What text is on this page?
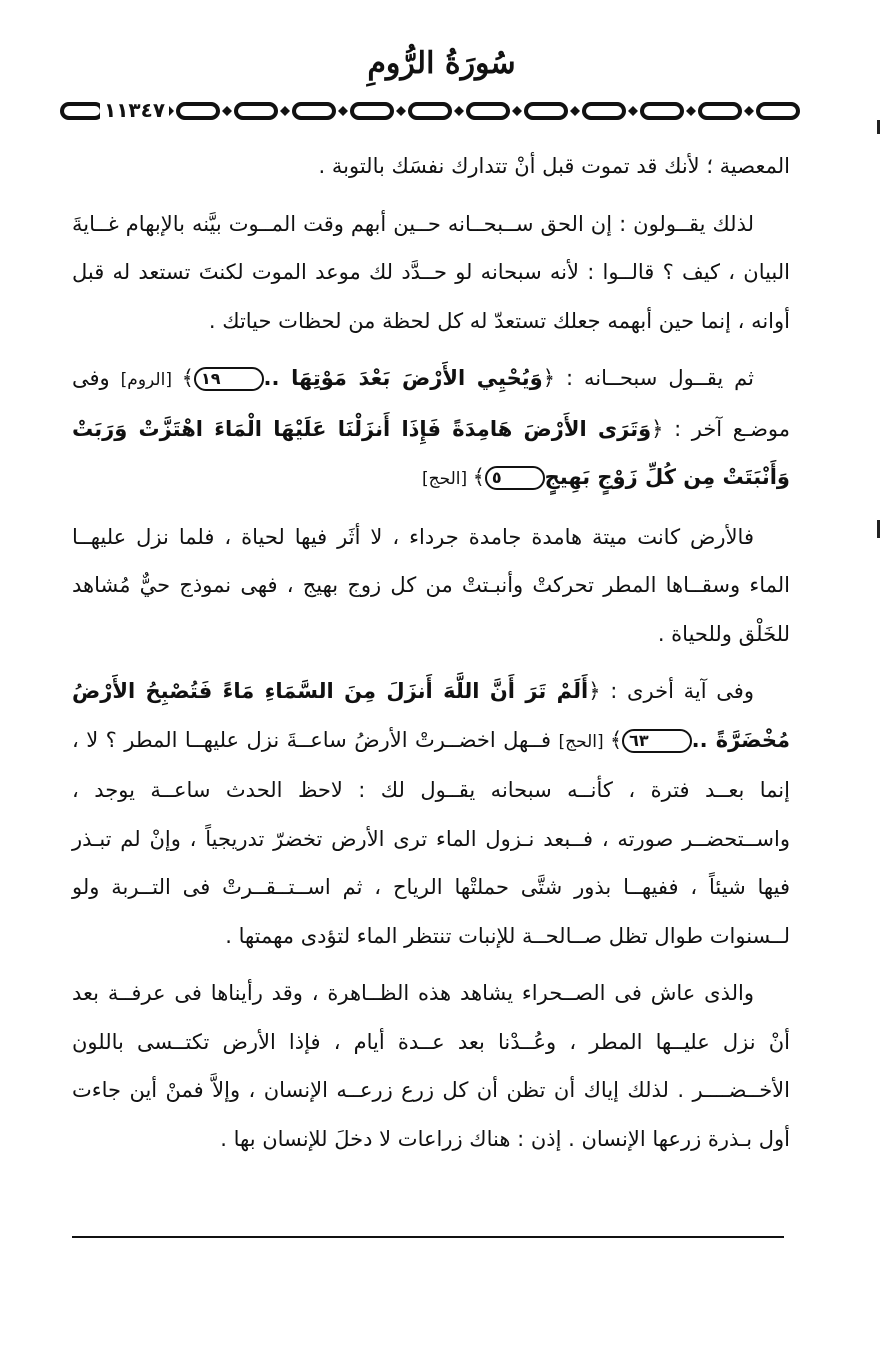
سُورَةُ الرُّومِ
١١٣٤٧

المعصية ؛ لأنك قد تموت قبل أنْ تتدارك نفسَك بالتوبة .

لذلك يقــولون : إن الحق ســبحــانه حــين أبهم وقت المــوت بيَّنه بالإبهام غــايةَ البيان ، كيف ؟ قالــوا : لأنه سبحانه لو حــدَّد لك موعد الموت لكنتَ تستعد له قبل أوانه ، إنما حين أبهمه جعلك تستعدّ له كل لحظة من لحظات حياتك .

ثم يقــول سبحــانه : ﴿وَيُحْيِي الأَرْضَ بَعْدَ مَوْتِهَا ..١٩﴾ [الروم] وفى موضـع آخر : ﴿وَتَرَى الأَرْضَ هَامِدَةً فَإِذَا أَنزَلْنَا عَلَيْهَا الْمَاءَ اهْتَزَّتْ وَرَبَتْ وَأَنْبَتَتْ مِن كُلِّ زَوْجٍ بَهِيجٍ٥﴾ [الحج]

فالأرض كانت ميتة هامدة جامدة جرداء ، لا أثَر فيها لحياة ، فلما نزل عليهــا الماء وسقــاها المطر تحركتْ وأنبـتتْ من كل زوج بهيج ، فهى نموذج حيٌّ مُشاهد للخَلْق وللحياة .

وفى آية أخرى : ﴿أَلَمْ تَرَ أَنَّ اللَّهَ أَنزَلَ مِنَ السَّمَاءِ مَاءً فَتُصْبِحُ الأَرْضُ مُخْضَرَّةً ..٦٣﴾ [الحج] فــهل اخضــرتْ الأرضُ ساعــةَ نزل عليهــا المطر ؟ لا ، إنما بعــد فترة ، كأنــه سبحانه يقــول لك : لاحظ الحدث ساعــة يوجد ، واســتحضــر صورته ، فــبعد نـزول الماء ترى الأرض تخضرّ تدريجياً ، وإنْ لم تبـذر فيها شيئاً ، ففيهــا بذور شتَّى حملتْها الرياح ، ثم اســتــقــرتْ فى التــربة ولو لــسنوات طوال تظل صــالحــة للإنبات تنتظر الماء لتؤدى مهمتها .

والذى عاش فى الصــحراء يشاهد هذه الظــاهرة ، وقد رأيناها فى عرفــة بعد أنْ نزل عليــها المطر ، وعُــدْنا بعد عــدة أيام ، فإذا الأرض تكتــسى باللون الأخــضــــر . لذلك إياك أن تظن أن كل زرع زرعــه الإنسان ، وإلاَّ فمنْ أين جاءت أول بـذرة زرعها الإنسان . إذن : هناك زراعات لا دخلَ للإنسان بها .
